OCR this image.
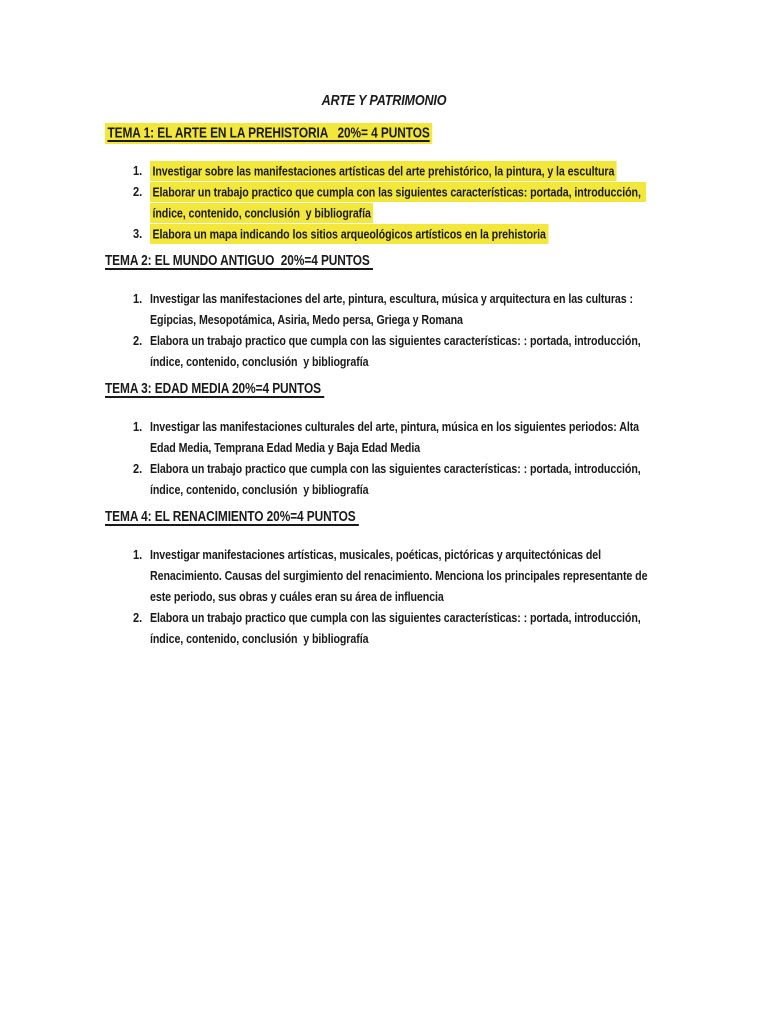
ARTE Y PATRIMONIO
TEMA 1: EL ARTE EN LA PREHISTORIA   20%= 4 PUNTOS
1. Investigar sobre las manifestaciones artísticas del arte prehistórico, la pintura, y la escultura
2. Elaborar un trabajo practico que cumpla con las siguientes características: portada, introducción, índice, contenido, conclusión  y bibliografía
3. Elabora un mapa indicando los sitios arqueológicos artísticos en la prehistoria
TEMA 2: EL MUNDO ANTIGUO  20%=4 PUNTOS
1. Investigar las manifestaciones del arte, pintura, escultura, música y arquitectura en las culturas : Egipcias, Mesopotámica, Asiria, Medo persa, Griega y Romana
2. Elabora un trabajo practico que cumpla con las siguientes características: : portada, introducción, índice, contenido, conclusión  y bibliografía
TEMA 3: EDAD MEDIA 20%=4 PUNTOS
1. Investigar las manifestaciones culturales del arte, pintura, música en los siguientes periodos: Alta Edad Media, Temprana Edad Media y Baja Edad Media
2. Elabora un trabajo practico que cumpla con las siguientes características: : portada, introducción, índice, contenido, conclusión  y bibliografía
TEMA 4: EL RENACIMIENTO 20%=4 PUNTOS
1. Investigar manifestaciones artísticas, musicales, poéticas, pictóricas y arquitectónicas del Renacimiento. Causas del surgimiento del renacimiento. Menciona los principales representante de este periodo, sus obras y cuáles eran su área de influencia
2. Elabora un trabajo practico que cumpla con las siguientes características: : portada, introducción, índice, contenido, conclusión  y bibliografía
